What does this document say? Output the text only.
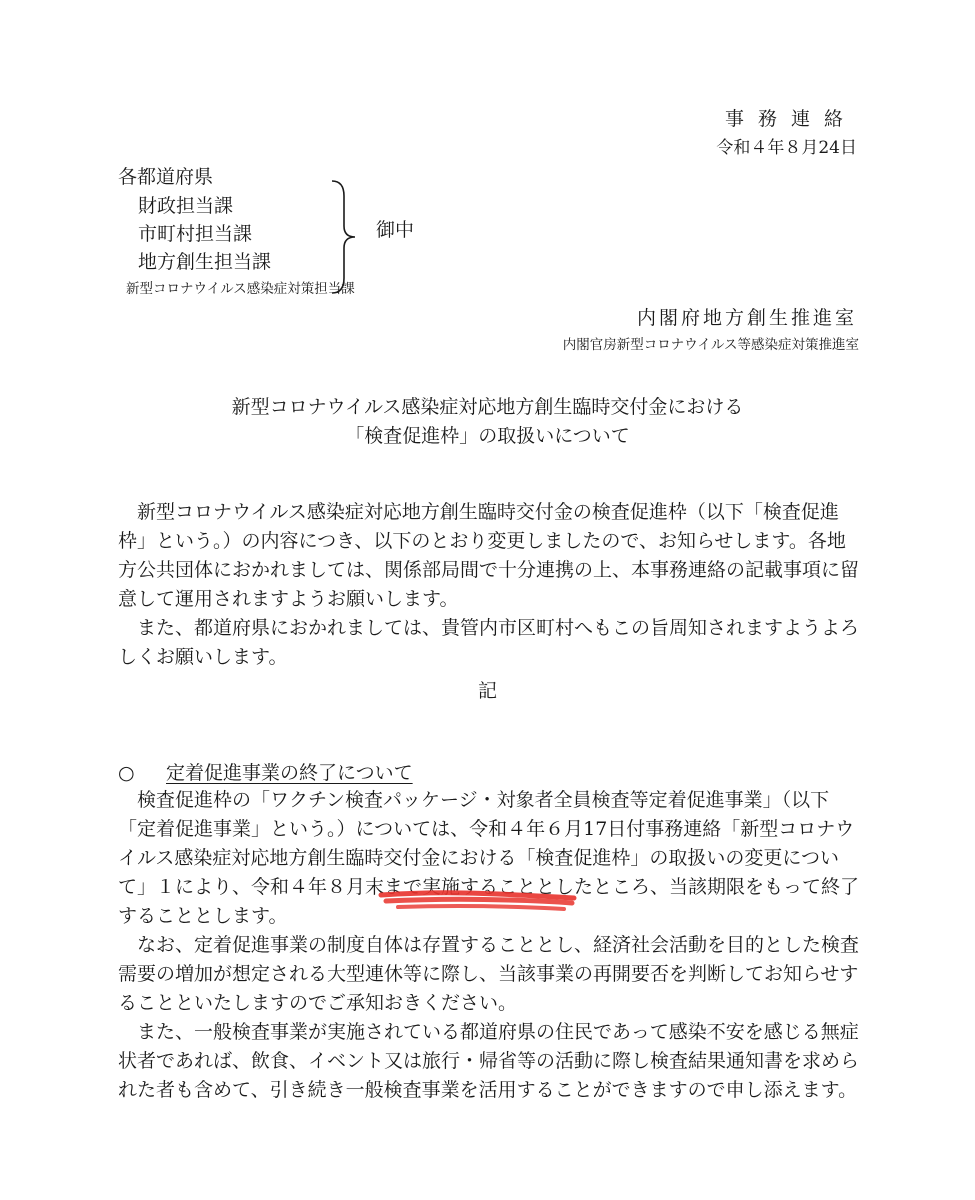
事務連絡
令和４年８月24日
各都道府県
財政担当課
市町村担当課
地方創生担当課
新型コロナウイルス感染症対策担当課
御中
内閣府地方創生推進室
内閣官房新型コロナウイルス等感染症対策推進室
新型コロナウイルス感染症対応地方創生臨時交付金における
「検査促進枠」の取扱いについて

新型コロナウイルス感染症対応地方創生臨時交付金の検査促進枠（以下「検査促進枠」という。）の内容につき、以下のとおり変更しましたので、お知らせします。各地方公共団体におかれましては、関係部局間で十分連携の上、本事務連絡の記載事項に留意して運用されますようお願いします。

また、都道府県におかれましては、貴管内市区町村へもこの旨周知されますようよろしくお願いします。

記
○ 定着促進事業の終了について

検査促進枠の「ワクチン検査パッケージ・対象者全員検査等定着促進事業」（以下「定着促進事業」という。）については、令和４年６月17日付事務連絡「新型コロナウイルス感染症対応地方創生臨時交付金における「検査促進枠」の取扱いの変更について」１により、令和４年８月末まで実施することとしたところ、当該期限をもって終了することとします。

なお、定着促進事業の制度自体は存置することとし、経済社会活動を目的とした検査需要の増加が想定される大型連休等に際し、当該事業の再開要否を判断してお知らせすることといたしますのでご承知おきください。

また、一般検査事業が実施されている都道府県の住民であって感染不安を感じる無症状者であれば、飲食、イベント又は旅行・帰省等の活動に際し検査結果通知書を求められた者も含めて、引き続き一般検査事業を活用することができますので申し添えます。
